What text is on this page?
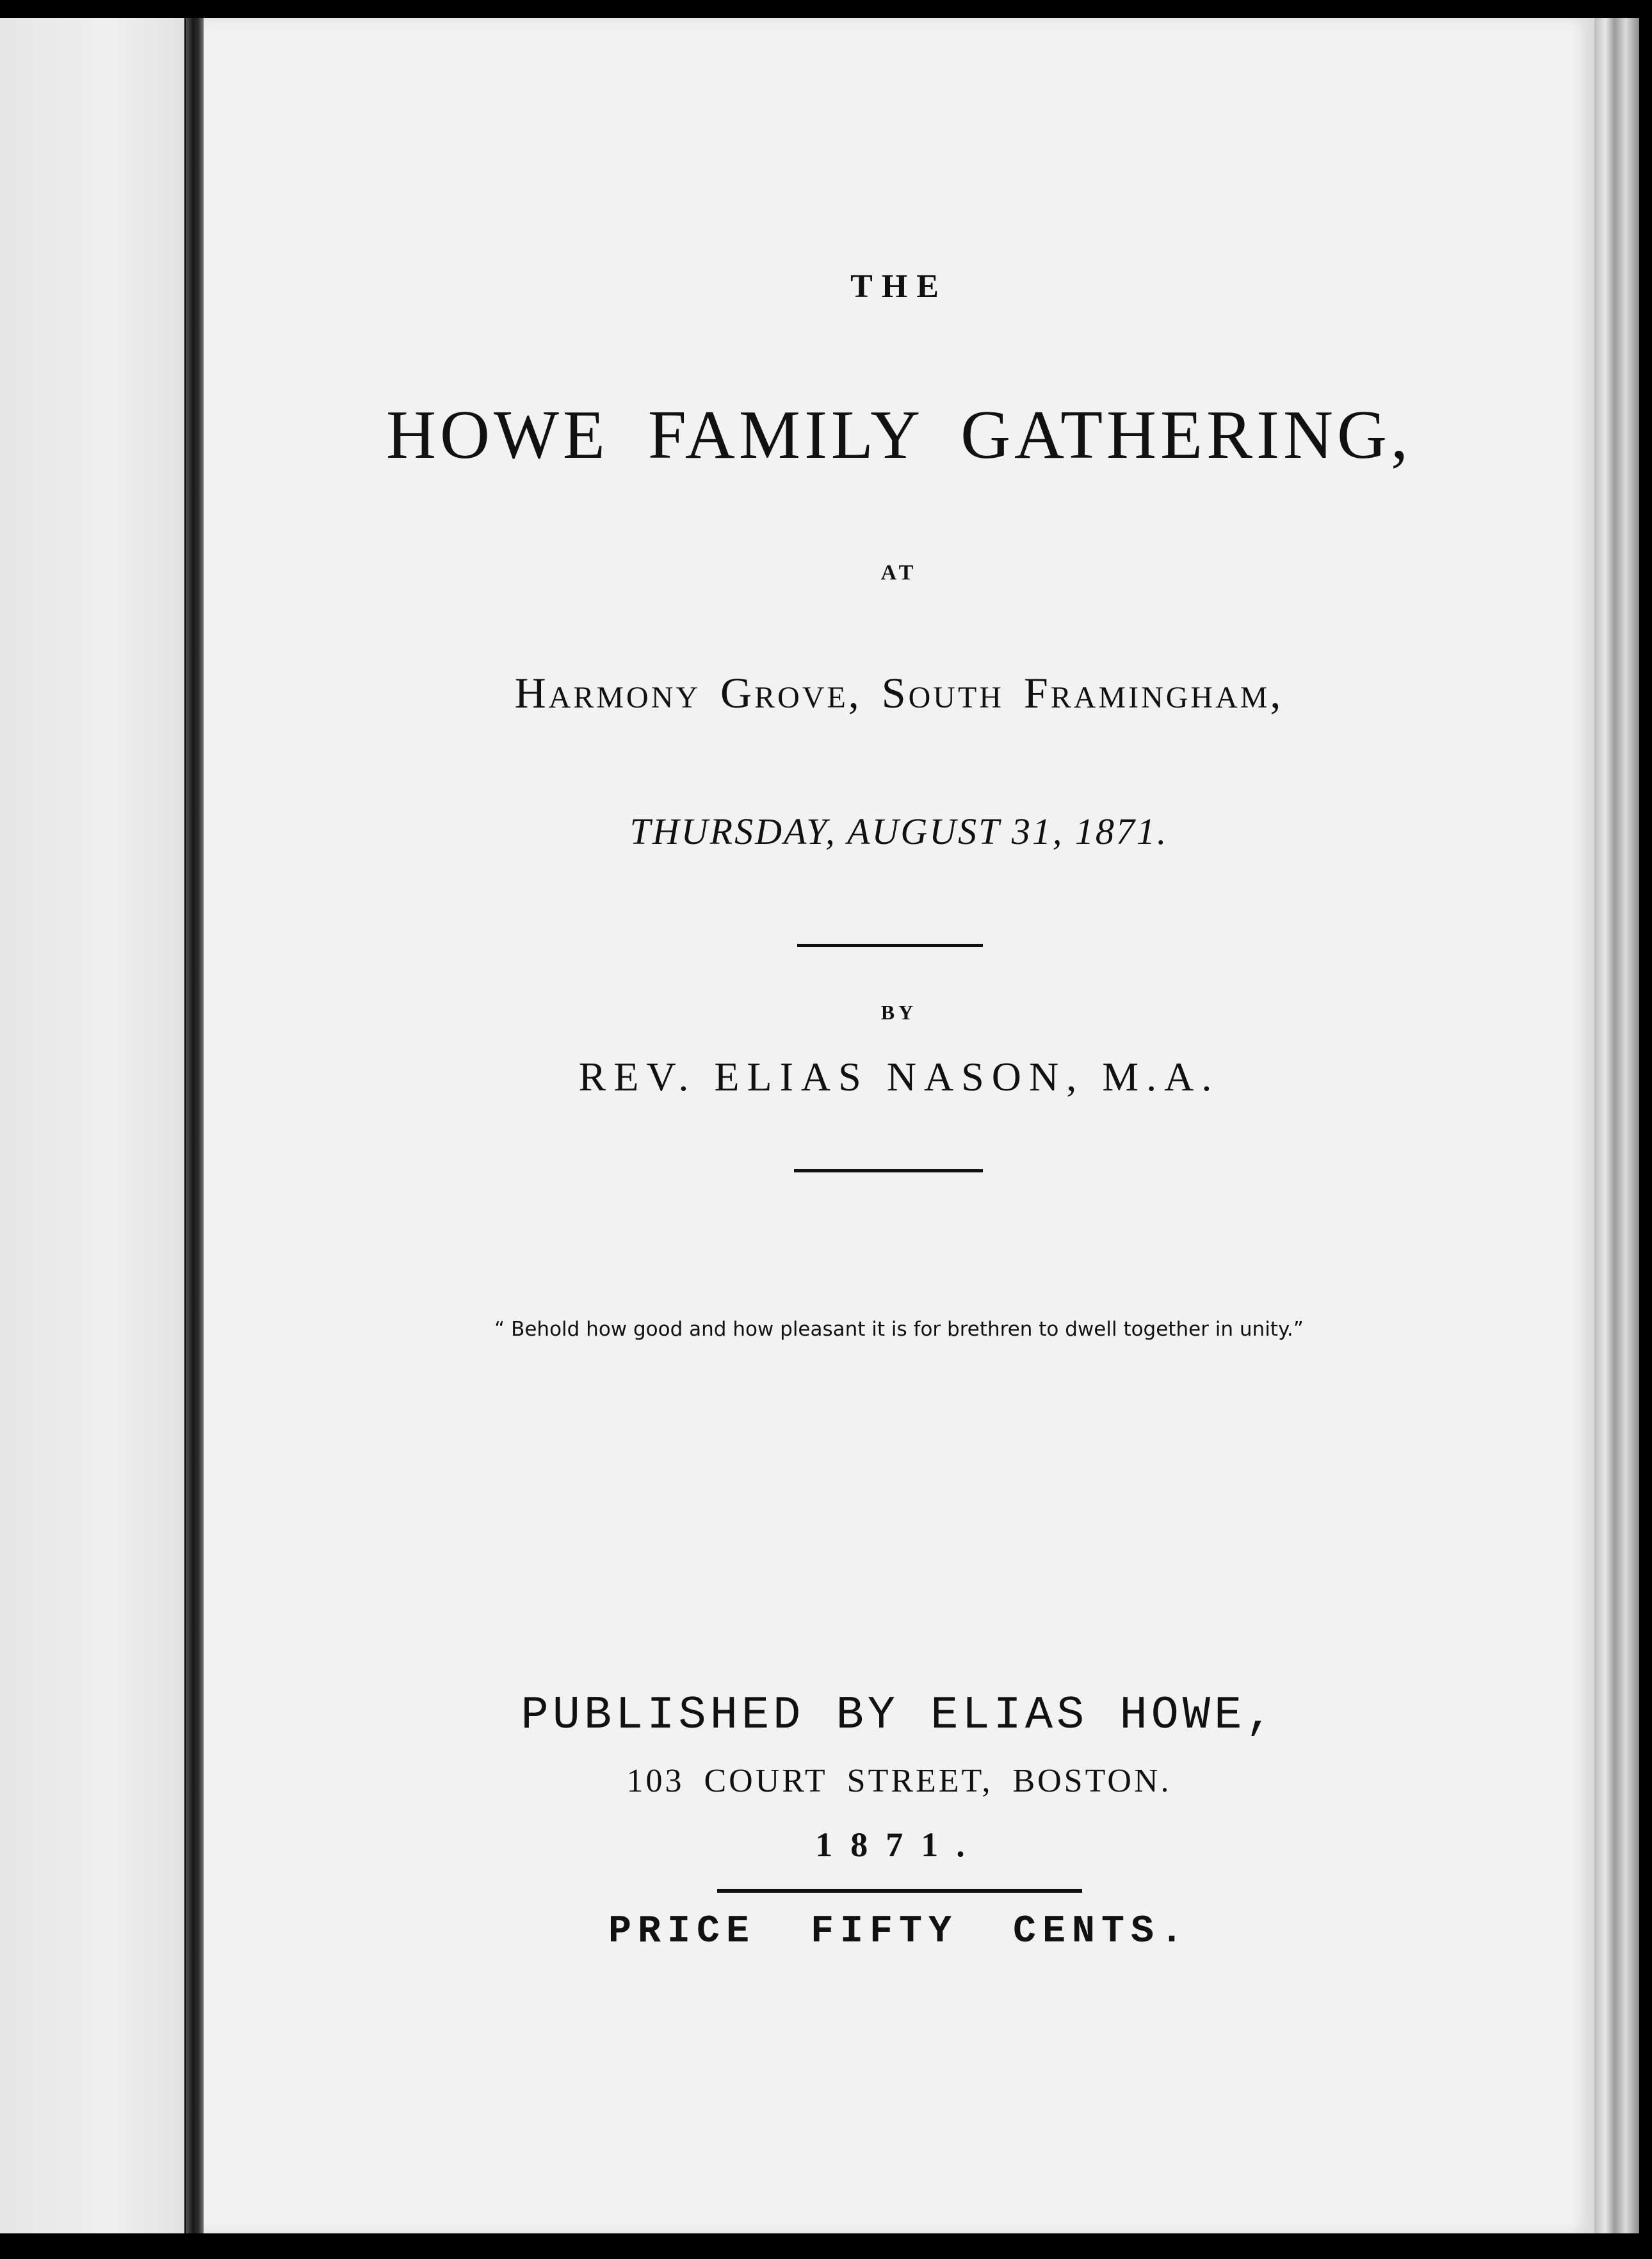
THE

HOWE FAMILY GATHERING,

AT

Harmony Grove, South Framingham,

THURSDAY, AUGUST 31, 1871.

BY

REV. ELIAS NASON, M.A.

“ Behold how good and how pleasant it is for brethren to dwell together in unity.”

PUBLISHED BY ELIAS HOWE,

103 COURT STREET, BOSTON.

1871.

PRICE FIFTY CENTS.
